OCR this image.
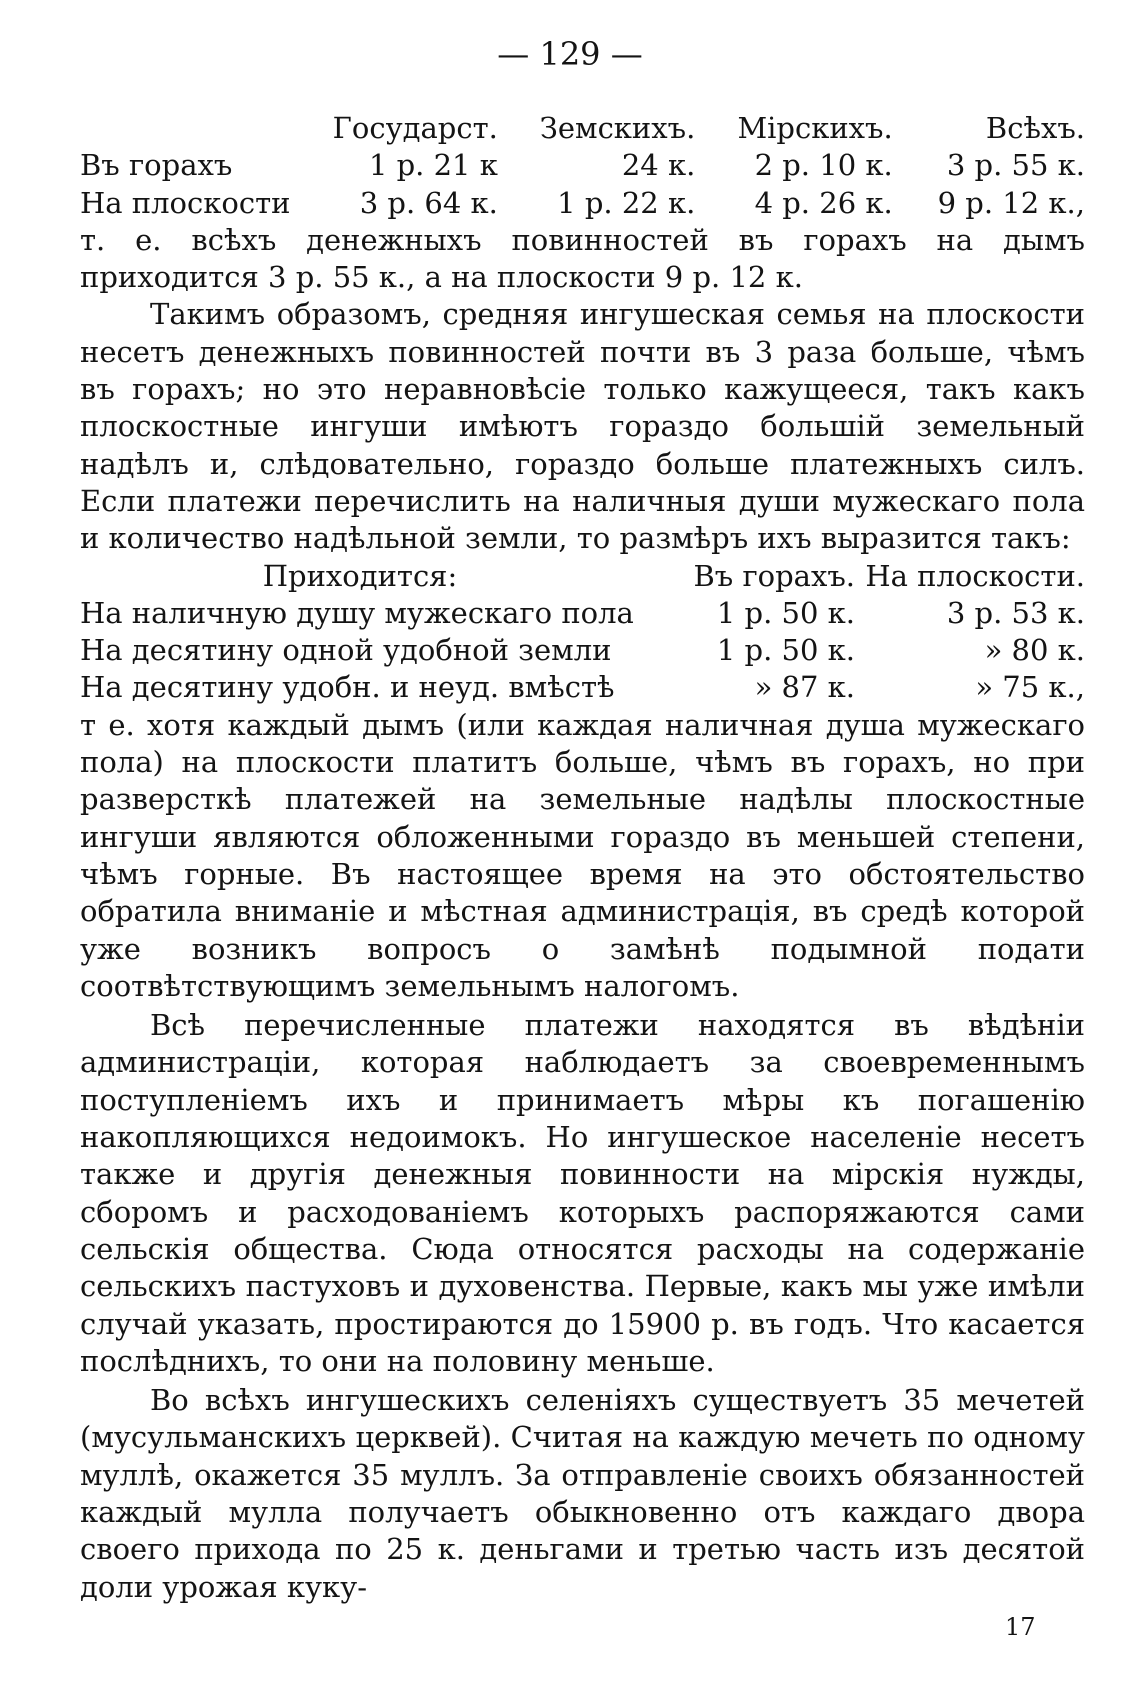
— 129 —
	Государст.	Земскихъ.	Мірскихъ.	Всѣхъ.
Въ горахъ	1 р. 21 к	24 к.	2 р. 10 к.	3 р. 55 к.
На плоскости	3 р. 64 к.	1 р. 22 к.	4 р. 26 к.	9 р. 12 к.,

т. е. всѣхъ денежныхъ повинностей въ горахъ на дымъ приходится 3 р. 55 к., а на плоскости 9 р. 12 к.

Такимъ образомъ, средняя ингушеская семья на плоскости несетъ денежныхъ повинностей почти въ 3 раза больше, чѣмъ въ горахъ; но это неравновѣсіе только кажущееся, такъ какъ плоскостные ингуши имѣютъ гораздо большій земельный надѣлъ и, слѣдовательно, гораздо больше платежныхъ силъ. Если платежи перечислить на наличныя души мужескаго пола и количество надѣльной земли, то размѣръ ихъ выразится такъ:

Приходится:	Въ горахъ.	На плоскости.
На наличную душу мужескаго пола	1 р. 50 к.	3 р. 53 к.
На десятину одной удобной земли	1 р. 50 к.	» 80 к.
На десятину удобн. и неуд. вмѣстѣ	» 87 к.	» 75 к.,

т е. хотя каждый дымъ (или каждая наличная душа мужескаго пола) на плоскости платитъ больше, чѣмъ въ горахъ, но при разверсткѣ платежей на земельные надѣлы плоскостные ингуши являются обложенными гораздо въ меньшей степени, чѣмъ горные. Въ настоящее время на это обстоятельство обратила вниманіе и мѣстная администрація, въ средѣ которой уже возникъ вопросъ о замѣнѣ подымной подати соотвѣтствующимъ земельнымъ налогомъ.

Всѣ перечисленные платежи находятся въ вѣдѣніи администраціи, которая наблюдаетъ за своевременнымъ поступленіемъ ихъ и принимаетъ мѣры къ погашенію накопляющихся недоимокъ. Но ингушеское населеніе несетъ также и другія денежныя повинности на мірскія нужды, сборомъ и расходованіемъ которыхъ распоряжаются сами сельскія общества. Сюда относятся расходы на содержаніе сельскихъ пастуховъ и духовенства. Первые, какъ мы уже имѣли случай указать, простираются до 15900 р. въ годъ. Что касается послѣднихъ, то они на половину меньше.

Во всѣхъ ингушескихъ селеніяхъ существуетъ 35 мечетей (мусульманскихъ церквей). Считая на каждую мечеть по одному муллѣ, окажется 35 муллъ. За отправленіе своихъ обязанностей каждый мулла получаетъ обыкновенно отъ каждаго двора своего прихода по 25 к. деньгами и третью часть изъ десятой доли урожая куку-

17
